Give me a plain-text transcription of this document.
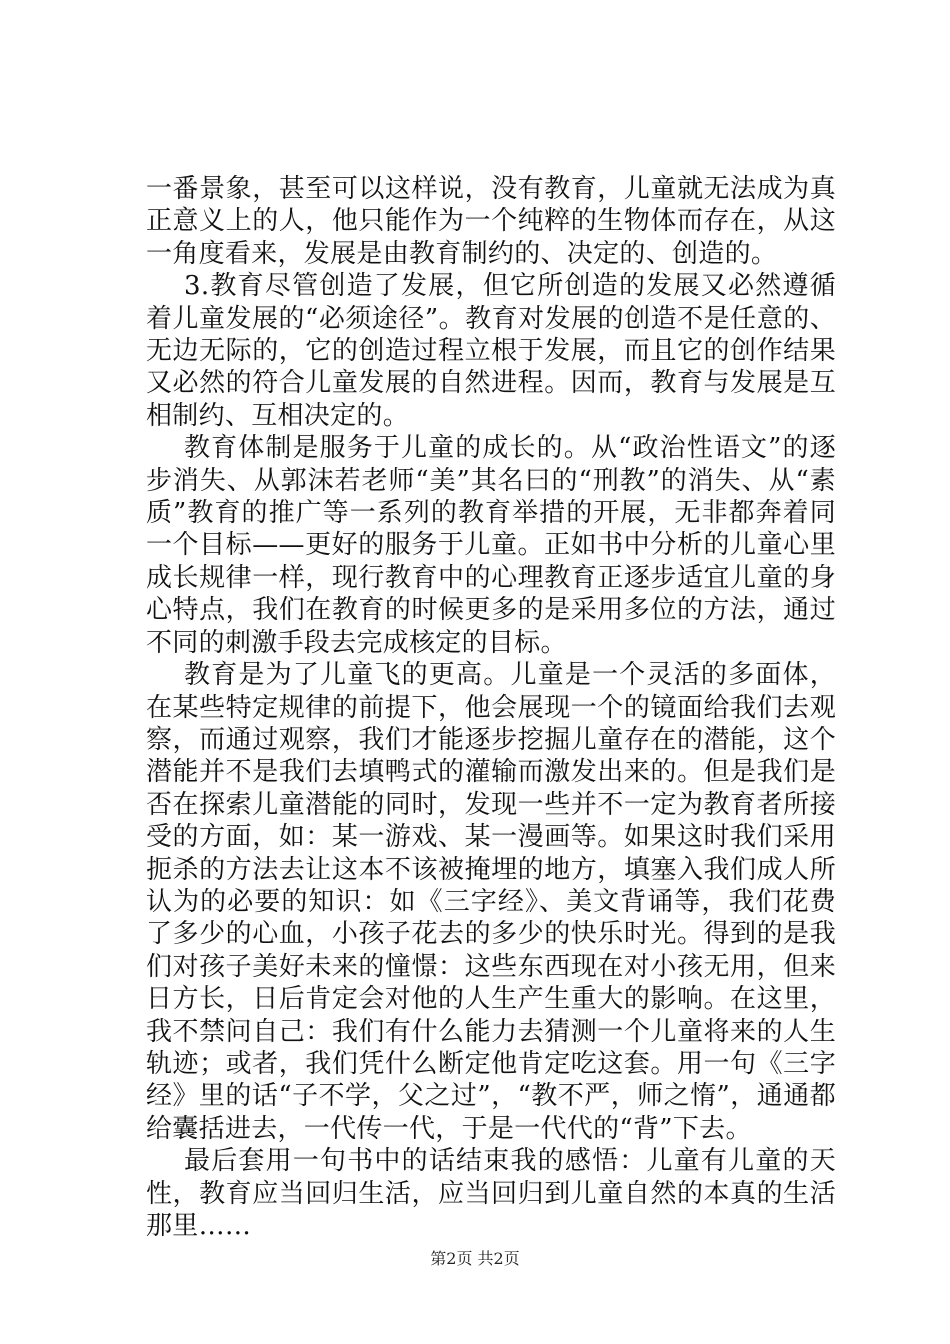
一番景象，甚至可以这样说，没有教育，儿童就无法成为真正意义上的人，他只能作为一个纯粹的生物体而存在，从这一角度看来，发展是由教育制约的、决定的、创造的。

3.教育尽管创造了发展，但它所创造的发展又必然遵循着儿童发展的“必须途径”。教育对发展的创造不是任意的、无边无际的，它的创造过程立根于发展，而且它的创作结果又必然的符合儿童发展的自然进程。因而，教育与发展是互相制约、互相决定的。

教育体制是服务于儿童的成长的。从“政治性语文”的逐步消失、从郭沫若老师“美”其名曰的“刑教”的消失、从“素质”教育的推广等一系列的教育举措的开展，无非都奔着同一个目标——更好的服务于儿童。正如书中分析的儿童心里成长规律一样，现行教育中的心理教育正逐步适宜儿童的身心特点，我们在教育的时候更多的是采用多位的方法，通过不同的刺激手段去完成核定的目标。

教育是为了儿童飞的更高。儿童是一个灵活的多面体，在某些特定规律的前提下，他会展现一个的镜面给我们去观察，而通过观察，我们才能逐步挖掘儿童存在的潜能，这个潜能并不是我们去填鸭式的灌输而激发出来的。但是我们是否在探索儿童潜能的同时，发现一些并不一定为教育者所接受的方面，如：某一游戏、某一漫画等。如果这时我们采用扼杀的方法去让这本不该被掩埋的地方，填塞入我们成人所认为的必要的知识：如《三字经》、美文背诵等，我们花费了多少的心血，小孩子花去的多少的快乐时光。得到的是我们对孩子美好未来的憧憬：这些东西现在对小孩无用，但来日方长，日后肯定会对他的人生产生重大的影响。在这里，我不禁问自己：我们有什么能力去猜测一个儿童将来的人生轨迹；或者，我们凭什么断定他肯定吃这套。用一句《三字经》里的话“子不学，父之过”，“教不严，师之惰”，通通都给囊括进去，一代传一代，于是一代代的“背”下去。

最后套用一句书中的话结束我的感悟：儿童有儿童的天性，教育应当回归生活，应当回归到儿童自然的本真的生活那里……

第2页 共2页
